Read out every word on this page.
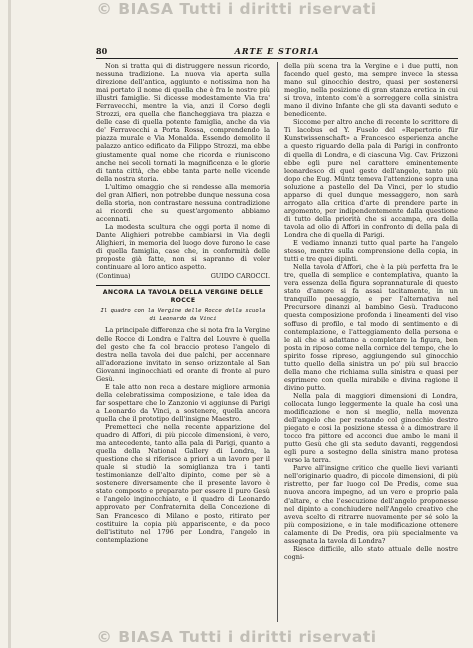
© BIASA Tutti i diritti riservati
© BIASA Tutti i diritti riservati
ARTE E STORIA
80

Non si tratta qui di distruggere nessun ricordo, nessuna tradizione. La nuova via aperta sulla direzione dell'antica, aggiunto e notissima non ha mai portato il nome di quella che è fra le nostre più illustri famiglie. Si dicesse modestamente Via tra' Ferravecchi, mentre la via, anzi il Corso degli Strozzi, era quella che fiancheggiava tra piazza e delle case di quella potente famiglia, anche da via de' Ferravecchi a Porta Rossa, comprendendo la piazza murale e Via Monalda. Essendo demolito il palazzo antico edificato da Filippo Strozzi, ma ebbe giustamente qual nome che ricorda e riuniscono anche nei secoli tornati la magnificenza e le glorie di tanta città, che ebbe tanta parte nelle vicende della nostra storia.

L'ultimo omaggio che si rendesse alla memoria del gran Alfieri, non potrebbe dunque nessuna cosa della storia, non contrastare nessuna contradizione ai ricordi che su quest'argomento abbiamo accennati.

La modesta scultura che oggi porta il nome di Dante Alighieri potrebbe cambiarsi in Via degli Alighieri, in memoria del luogo dove furono le case di quella famiglia, case che, in conformità delle proposte già fatte, non si sapranno di voler continuare al loro antico aspetto.

(Continua)	GUIDO CAROCCI.
ANCORA LA TAVOLA DELLA VERGINE DELLE ROCCE
Il quadro con la Vergine delle Rocce della scuola di Leonardo da Vinci

La principale differenza che si nota fra la Vergine delle Rocce di Londra e l'altra del Louvre è quella del gesto che fa col braccio proteso l'angelo di destra nella tavola dei due palchi, per accennare all'adorazione invitato in senso orizzontale al San Giovanni inginocchiati ed orante di fronte al puro Gesù.

E tale atto non reca a destare migliore armonia della celebratissima composizione, e tale idea da far sospettare che lo Zanzonio vi aggiunse di Parigi a Leonardo da Vinci, a sostenere, quella ancora quella che il prototipo dell'insigne Maestro.

Premetteci che nella recente apparizione del quadro di Affori, di più piccole dimensioni, è vero, ma antecedente, tanto alla pala di Parigi, quanto a quella della National Gallery di Londra, la questione che si riferisce a priori a un lavoro per il quale si studiò la somiglianza tra i tanti testimonianze dell'alto dipinto, come per sè a sostenere diversamente che il presente lavoro è stato composto e preparato per essere il puro Gesù e l'angelo inginocchiato, e il quadro di Leonardo approvato per Confraternita della Concezione di San Francesco di Milano e posto, ritirato per costituire la copia più appariscente, e da poco dell'istituto nel 1796 per Londra, l'angelo in contemplazione

della più scena tra la Vergine e i due putti, non facendo quel gesto, ma sempre invece la stessa mano sul ginocchio destro, quasi per sostenersi meglio, nella posizione di gran stanza eretica in cui si trova, intento com'è a sorreggere colla sinistra mano il divino Infante che gli sta davanti seduto e benedicente.

Siccome per altro anche di recente lo scrittore di Ti lacobus ed Y. Fuselo del «Repertorio für Kunstwissenschaft» a Francesco esperienza anche a questo riguardo della pala di Parigi in confronto di quella di Londra, e di ciascuna Vig. Cav. Frizzoni ebbe egli pure nel carattere eminentemente leonardesco di quel gesto dell'angelo, tanto più dopo che Eug. Müntz temeva l'attenzione sopra una soluzione a pastello del Da Vinci, per lo studio apparso di quel dunque messaggero, non sarà arrogato alla critica d'arte di prendere parte in argomento, per indipendentemente dalla questione di tutto della priorità che si accampa, ora della tavola ad olio di Affori in confronto di della pala di Londra che di quella di Parigi.

E vediamo innanzi tutto qual parte ha l'angelo stesso, mentre sulla comprensione della copia, in tutti e tre quei dipinti.

Nella tavola d'Affori, che è la più perfetta fra le tre, quella di semplice e contemplativa, quanto la vera essenza della figura soprannaturale di questo stato d'amore si fa assai tacitamente, in un tranquillo paesaggio, e per l'alternativa nel Precursore dinanzi al bambino Gesù. Traducono questa composizione profonda i lineamenti del viso soffuso di profilo, e tal modo di sentimento e di contemplazione, e l'atteggiamento della persona e le ali che si adattano a completare la figura, ben posta in riposo come nella cornice del tempo, che lo spirito fosse ripreso, aggiungendo sul ginocchio tutto quello della sinistra un po' più sul braccio della mano che richiama sulla sinistra e quasi per esprimere con quella mirabile e divina ragione il divino putto.

Nella pala di maggiori dimensioni di Londra, collocata lungo leggermente la quale ha così una modificazione e non si meglio, nella movenza dell'angelo che per restando col ginocchio destro piegato e cosi la posizione stessa è a dimostrare il tocco fra pittore ed acconci due ambo le mani il putto Gesù che gli sta seduto davanti, reggendosi egli pure a sostegno della sinistra mano protesa verso la terra.

Parve all'insigne critico che quelle lievi varianti nell'originario quadro, di piccole dimensioni, di più ristretto, per far luogo col De Predis, come sua nuova ancora impegno, ad un vero e proprio pala d'altare, e che l'esecuzione dell'angelo proponesse nel dipinto a conchiudere nell'Angelo creativo che aveva scelto di ritrarre nuovamente per sé solo la più composizione, e in tale modificazione ottenere calamente di De Predis, ora più specialmente va assegnata la tavola di Londra?

Riesce difficile, allo stato attuale delle nostre cogni-
